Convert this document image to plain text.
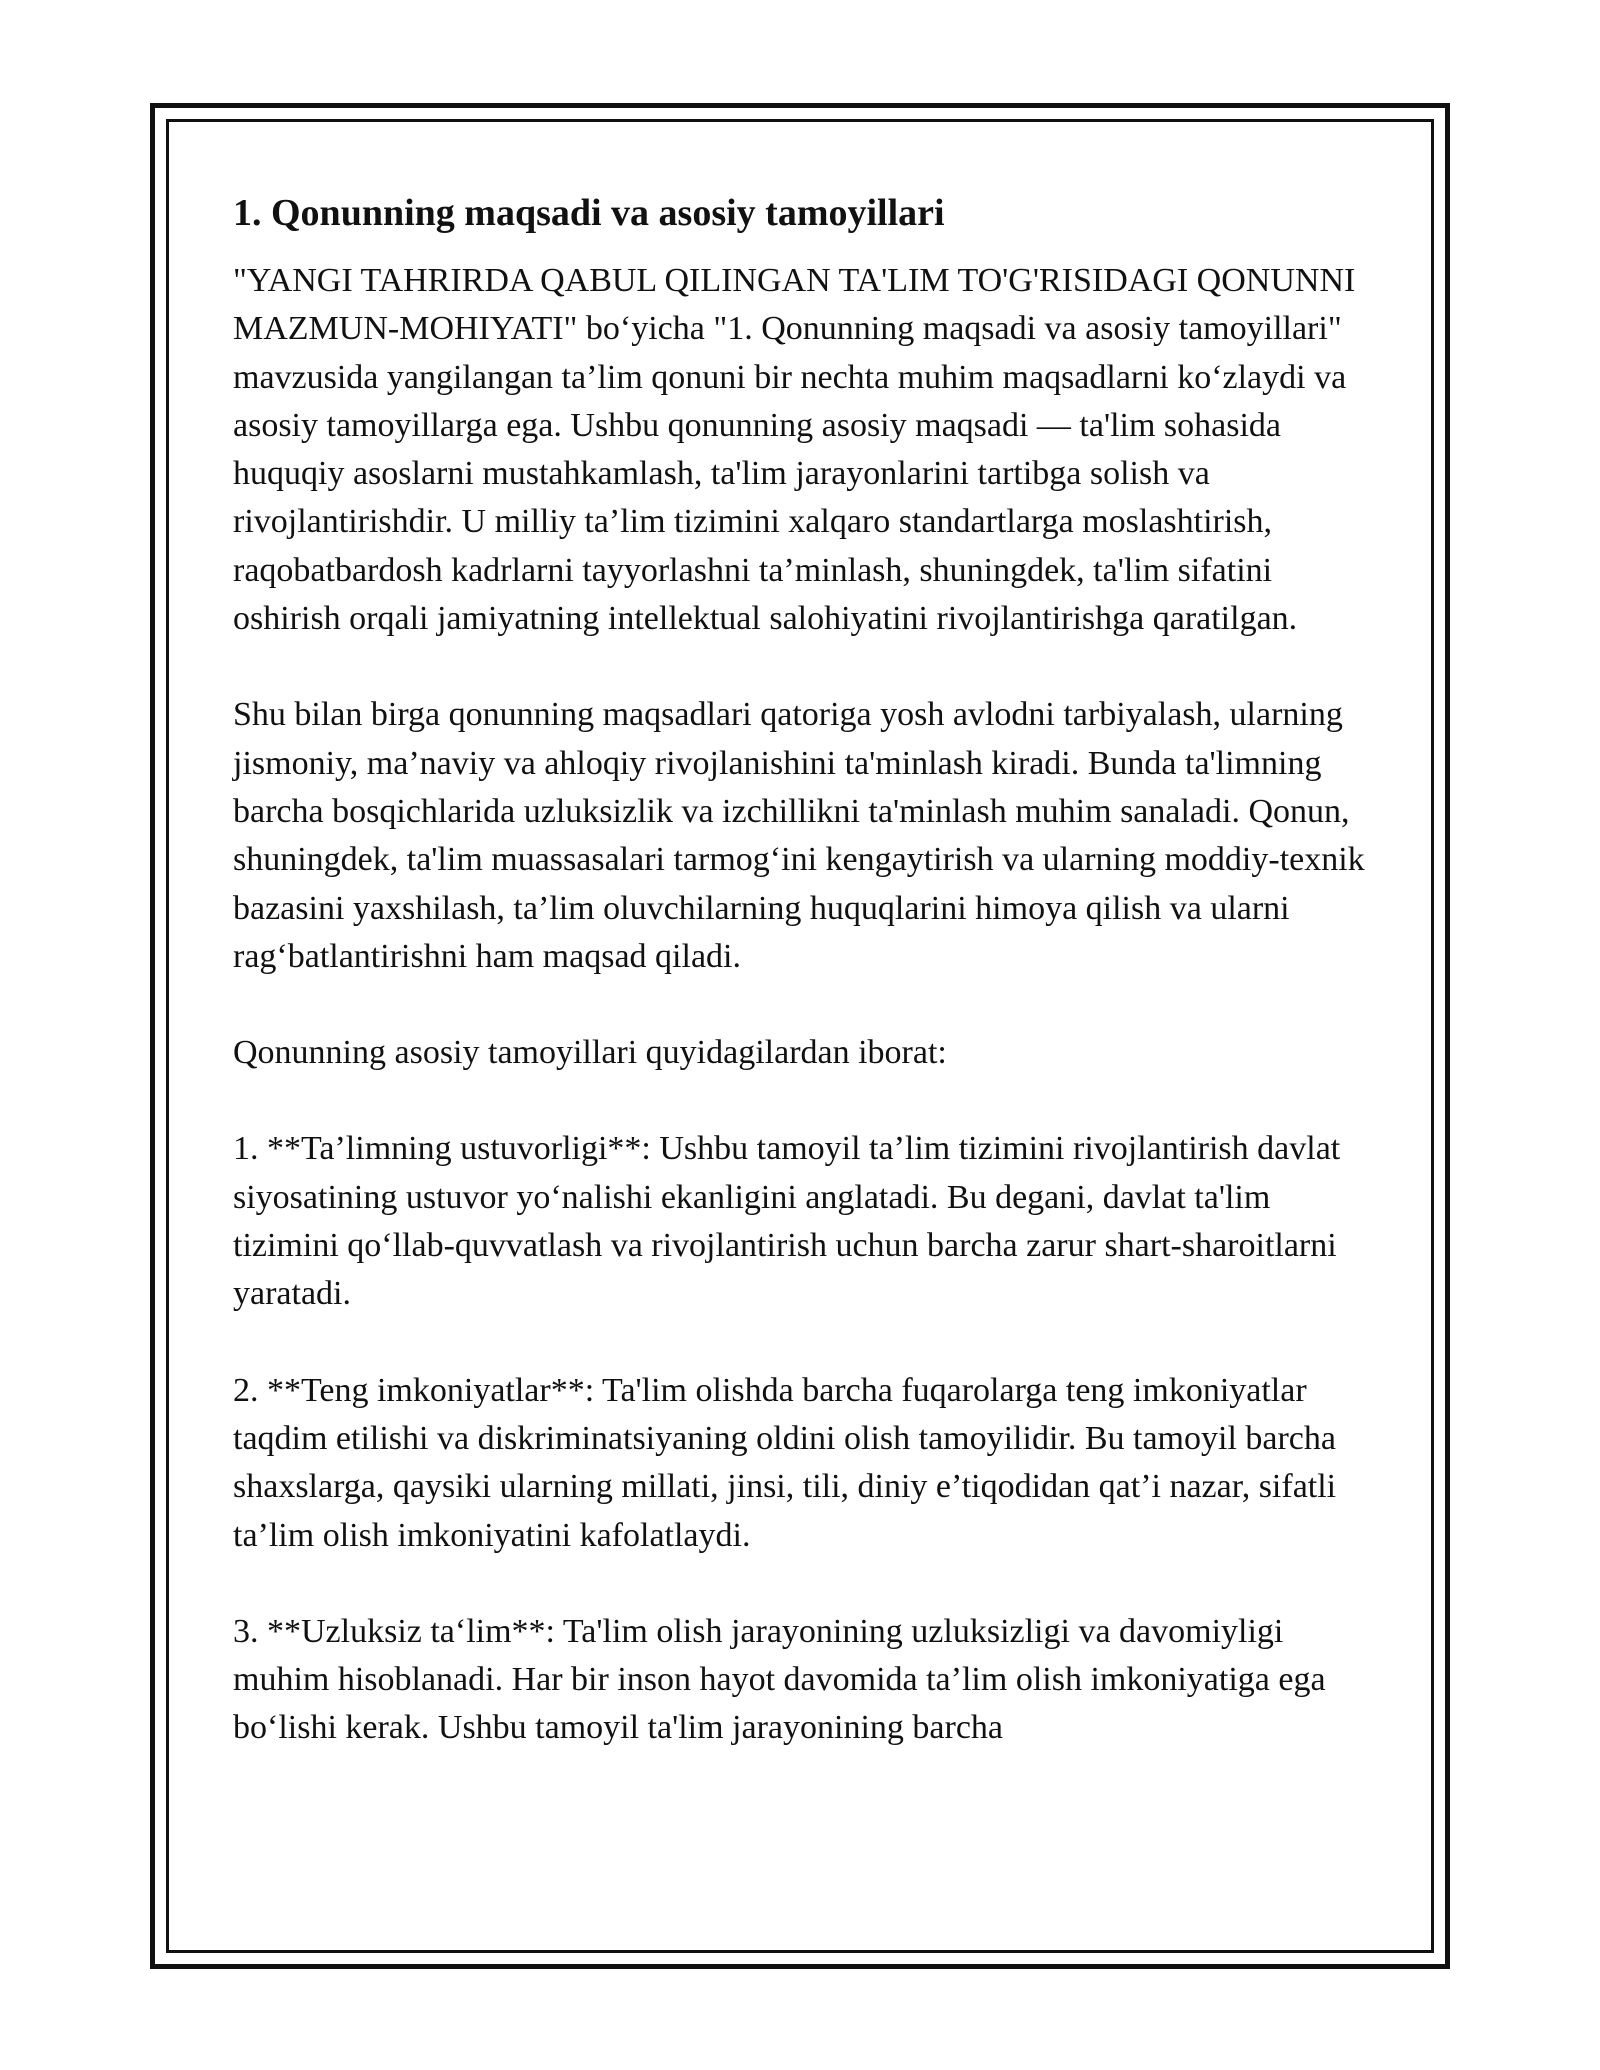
1. Qonunning maqsadi va asosiy tamoyillari

"YANGI TAHRIRDA QABUL QILINGAN TA'LIM TO'G'RISIDAGI QONUNNI MAZMUN-MOHIYATI" bo‘yicha "1. Qonunning maqsadi va asosiy tamoyillari" mavzusida yangilangan ta’lim qonuni bir nechta muhim maqsadlarni ko‘zlaydi va asosiy tamoyillarga ega. Ushbu qonunning asosiy maqsadi — ta'lim sohasida huquqiy asoslarni mustahkamlash, ta'lim jarayonlarini tartibga solish va rivojlantirishdir. U milliy ta’lim tizimini xalqaro standartlarga moslashtirish, raqobatbardosh kadrlarni tayyorlashni ta’minlash, shuningdek, ta'lim sifatini oshirish orqali jamiyatning intellektual salohiyatini rivojlantirishga qaratilgan.

Shu bilan birga qonunning maqsadlari qatoriga yosh avlodni tarbiyalash, ularning jismoniy, ma’naviy va ahloqiy rivojlanishini ta'minlash kiradi. Bunda ta'limning barcha bosqichlarida uzluksizlik va izchillikni ta'minlash muhim sanaladi. Qonun, shuningdek, ta'lim muassasalari tarmog‘ini kengaytirish va ularning moddiy-texnik bazasini yaxshilash, ta’lim oluvchilarning huquqlarini himoya qilish va ularni rag‘batlantirishni ham maqsad qiladi.

Qonunning asosiy tamoyillari quyidagilardan iborat:

1. **Ta’limning ustuvorligi**: Ushbu tamoyil ta’lim tizimini rivojlantirish davlat siyosatining ustuvor yo‘nalishi ekanligini anglatadi. Bu degani, davlat ta'lim tizimini qo‘llab-quvvatlash va rivojlantirish uchun barcha zarur shart-sharoitlarni yaratadi.

2. **Teng imkoniyatlar**: Ta'lim olishda barcha fuqarolarga teng imkoniyatlar taqdim etilishi va diskriminatsiyaning oldini olish tamoyilidir. Bu tamoyil barcha shaxslarga, qaysiki ularning millati, jinsi, tili, diniy e’tiqodidan qat’i nazar, sifatli ta’lim olish imkoniyatini kafolatlaydi.

3. **Uzluksiz ta‘lim**: Ta'lim olish jarayonining uzluksizligi va davomiyligi muhim hisoblanadi. Har bir inson hayot davomida ta’lim olish imkoniyatiga ega bo‘lishi kerak. Ushbu tamoyil ta'lim jarayonining barcha
